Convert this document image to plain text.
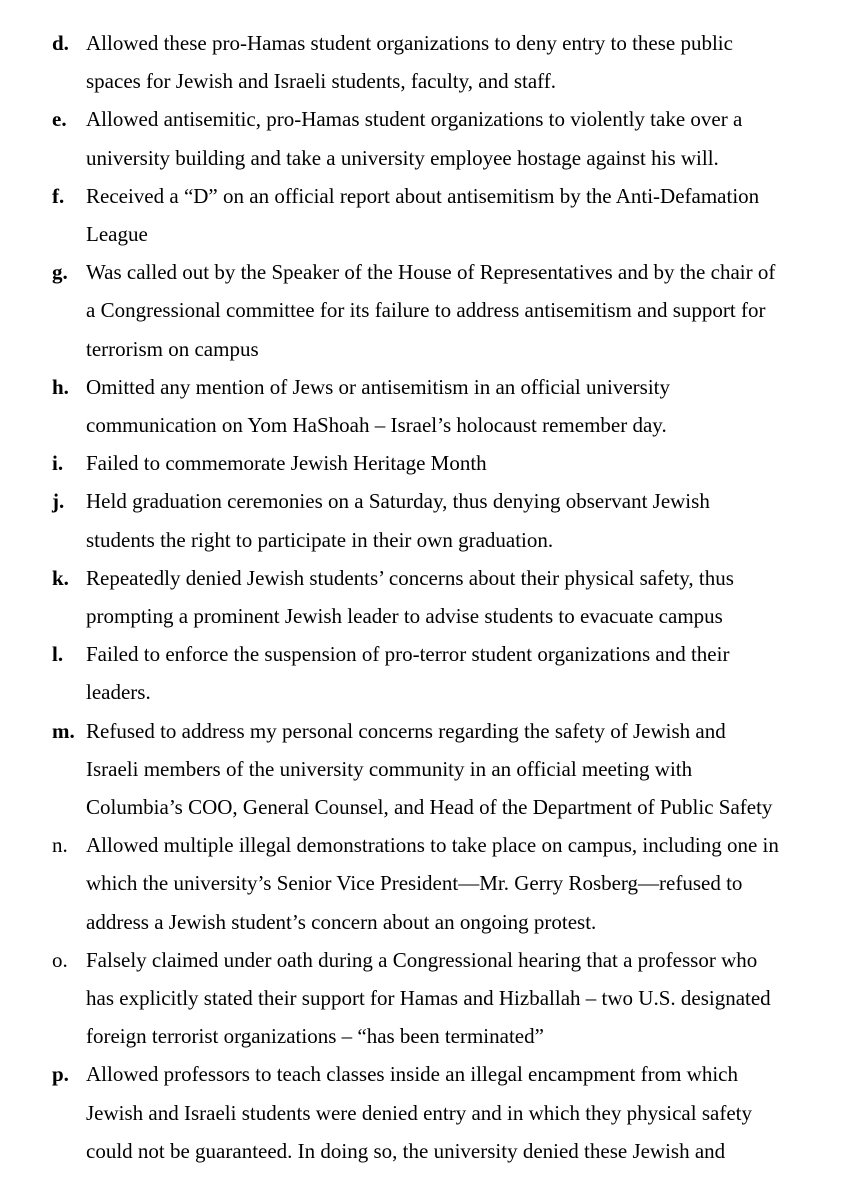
d. Allowed these pro-Hamas student organizations to deny entry to these public
spaces for Jewish and Israeli students, faculty, and staff.
e. Allowed antisemitic, pro-Hamas student organizations to violently take over a
university building and take a university employee hostage against his will.
f. Received a “D” on an official report about antisemitism by the Anti-Defamation
League
g. Was called out by the Speaker of the House of Representatives and by the chair of
a Congressional committee for its failure to address antisemitism and support for
terrorism on campus
h. Omitted any mention of Jews or antisemitism in an official university
communication on Yom HaShoah – Israel’s holocaust remember day.
i. Failed to commemorate Jewish Heritage Month
j. Held graduation ceremonies on a Saturday, thus denying observant Jewish
students the right to participate in their own graduation.
k. Repeatedly denied Jewish students’ concerns about their physical safety, thus
prompting a prominent Jewish leader to advise students to evacuate campus
l. Failed to enforce the suspension of pro-terror student organizations and their
leaders.
m. Refused to address my personal concerns regarding the safety of Jewish and
Israeli members of the university community in an official meeting with
Columbia’s COO, General Counsel, and Head of the Department of Public Safety
n. Allowed multiple illegal demonstrations to take place on campus, including one in
which the university’s Senior Vice President—Mr. Gerry Rosberg—refused to
address a Jewish student’s concern about an ongoing protest.
o. Falsely claimed under oath during a Congressional hearing that a professor who
has explicitly stated their support for Hamas and Hizballah – two U.S. designated
foreign terrorist organizations – “has been terminated”
p. Allowed professors to teach classes inside an illegal encampment from which
Jewish and Israeli students were denied entry and in which they physical safety
could not be guaranteed. In doing so, the university denied these Jewish and
